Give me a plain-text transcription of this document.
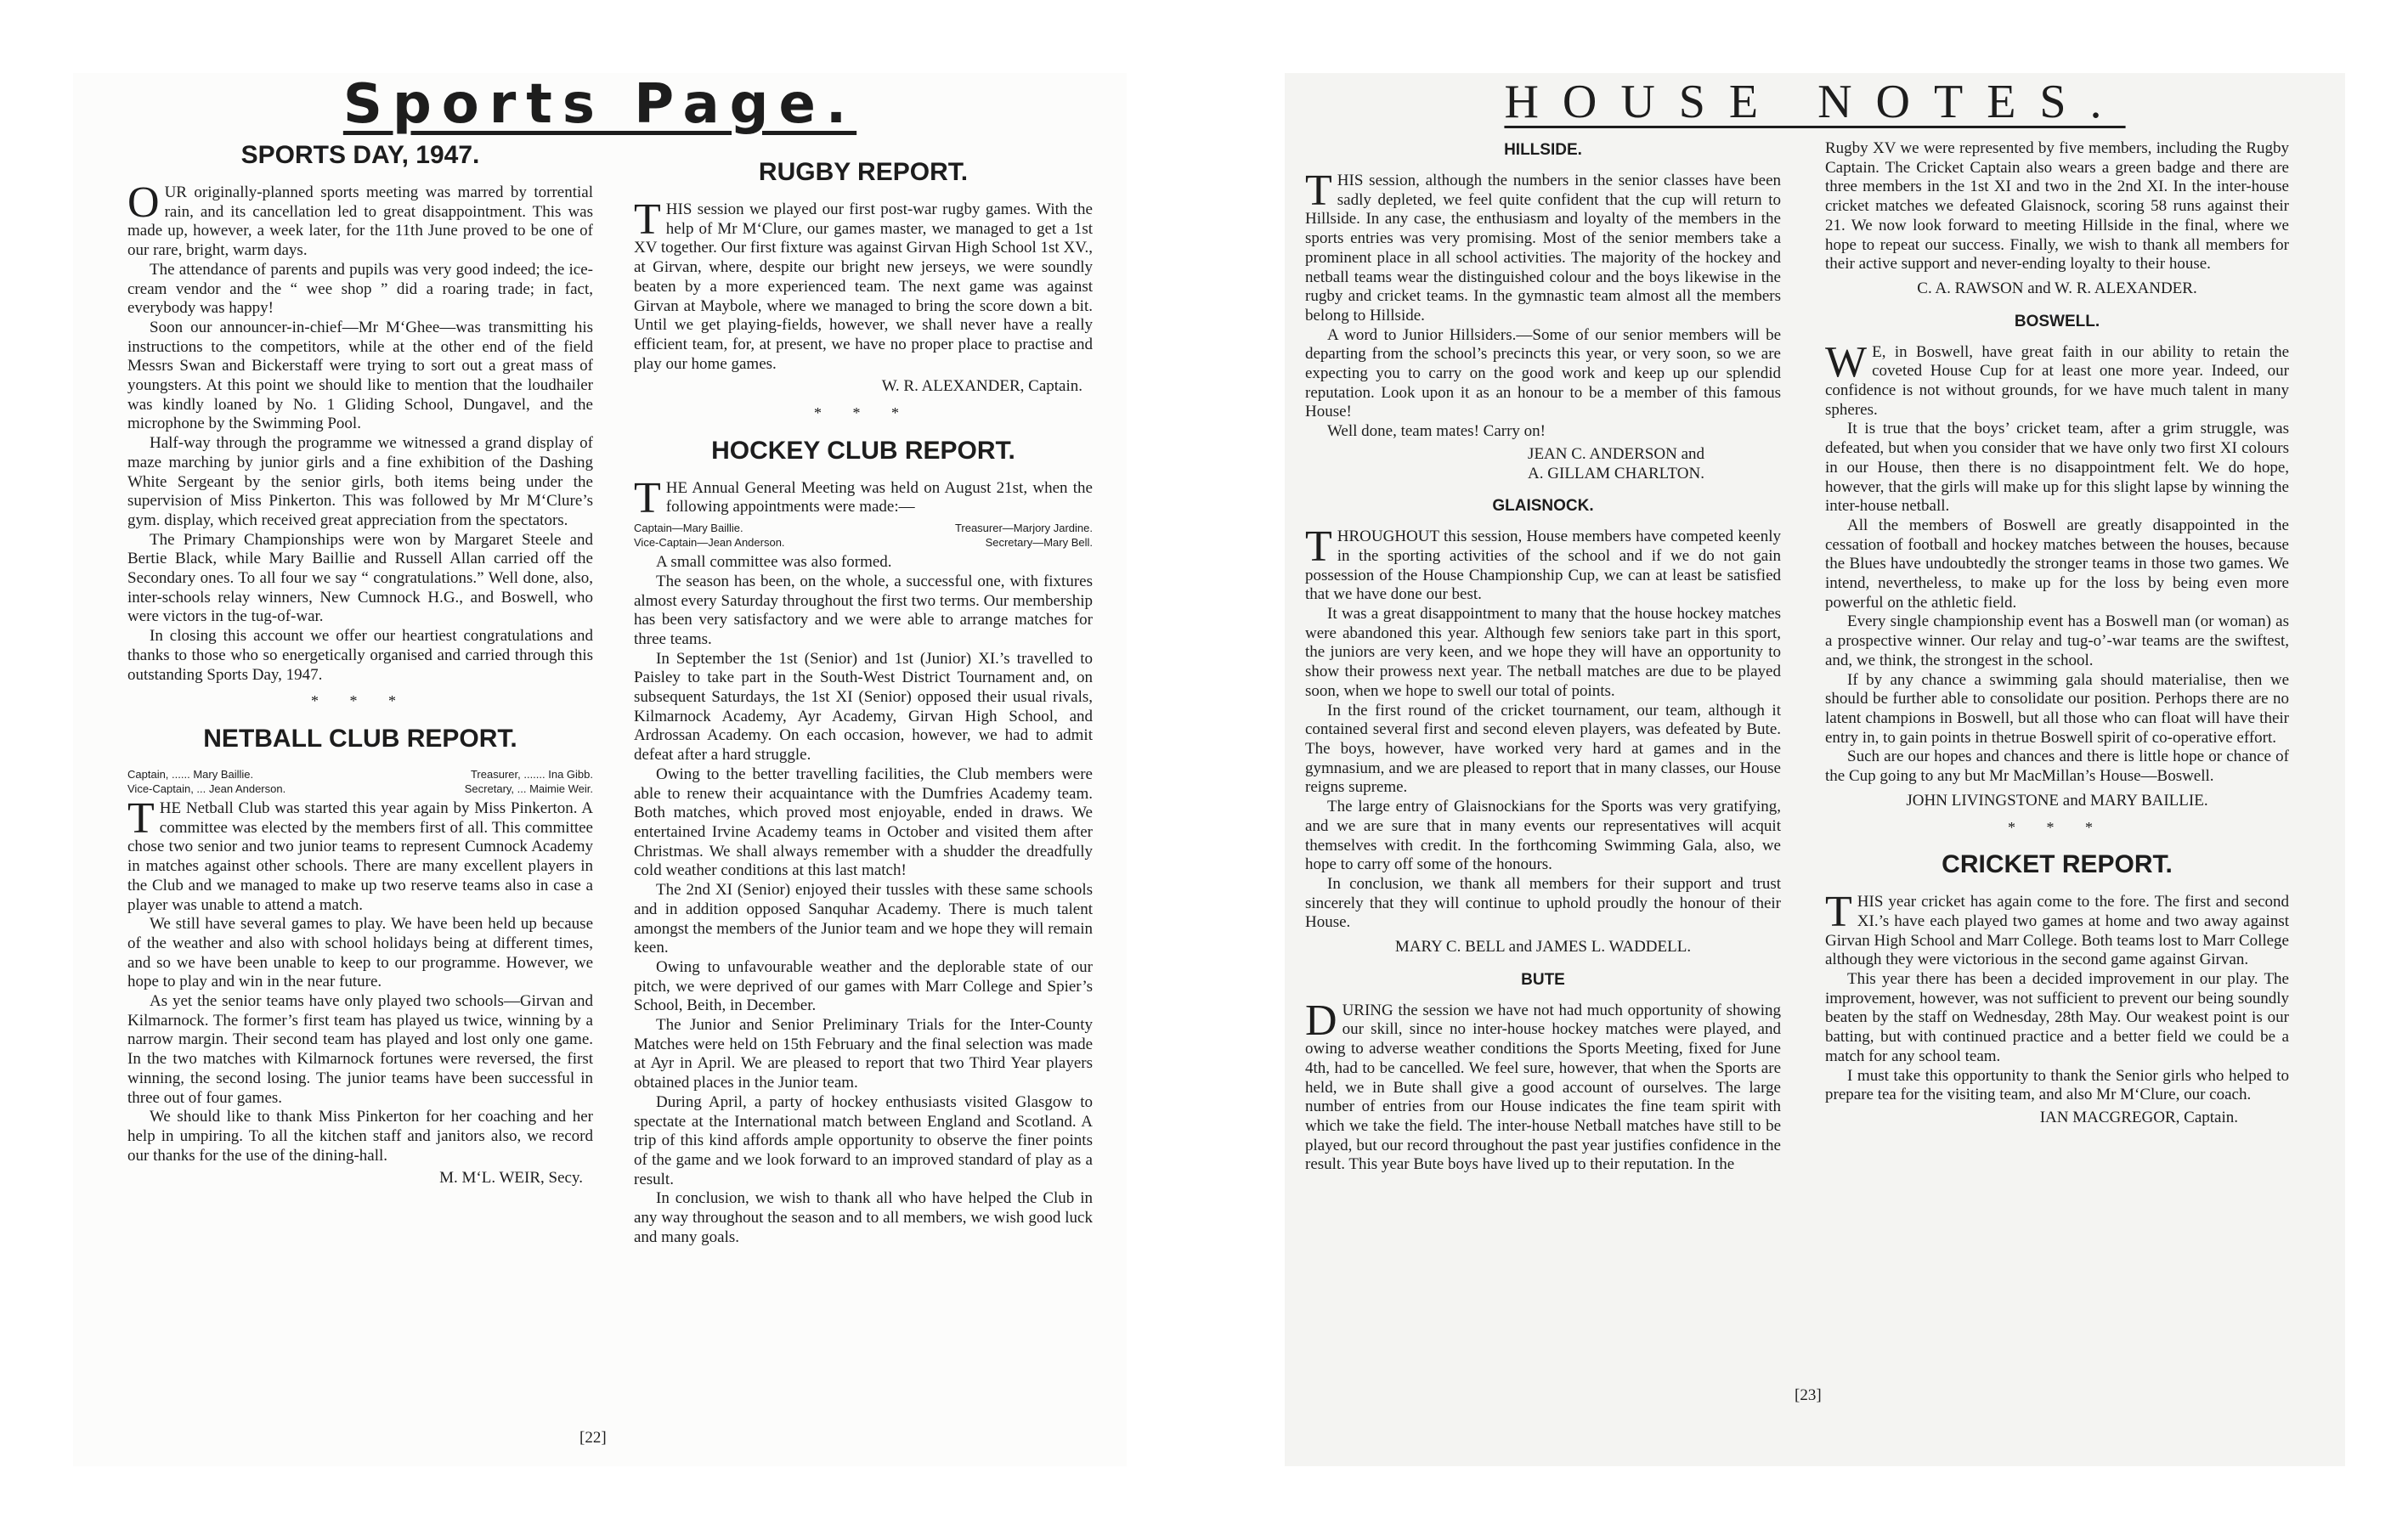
Sports Page.
SPORTS DAY, 1947.

OUR originally-planned sports meeting was marred by torrential rain, and its cancellation led to great disappointment. This was made up, however, a week later, for the 11th June proved to be one of our rare, bright, warm days.

The attendance of parents and pupils was very good indeed; the ice-cream vendor and the “ wee shop ” did a roaring trade; in fact, everybody was happy!

Soon our announcer-in-chief—Mr M‘Ghee—was transmitting his instructions to the competitors, while at the other end of the field Messrs Swan and Bickerstaff were trying to sort out a great mass of youngsters. At this point we should like to mention that the loudhailer was kindly loaned by No. 1 Gliding School, Dungavel, and the microphone by the Swimming Pool.

Half-way through the programme we witnessed a grand display of maze marching by junior girls and a fine exhibition of the Dashing White Sergeant by the senior girls, both items being under the supervision of Miss Pinkerton. This was followed by Mr M‘Clure’s gym. display, which received great appreciation from the spectators.

The Primary Championships were won by Margaret Steele and Bertie Black, while Mary Baillie and Russell Allan carried off the Secondary ones. To all four we say “ congratulations.” Well done, also, inter-schools relay winners, New Cumnock H.G., and Boswell, who were victors in the tug-of-war.

In closing this account we offer our heartiest congratulations and thanks to those who so energetically organised and carried through this outstanding Sports Day, 1947.

* * *
NETBALL CLUB REPORT.
Captain, ...... Mary Baillie.	Treasurer, ....... Ina Gibb.
Vice-Captain, ... Jean Anderson.	Secretary, ... Maimie Weir.

THE Netball Club was started this year again by Miss Pinkerton. A committee was elected by the members first of all. This committee chose two senior and two junior teams to represent Cumnock Academy in matches against other schools. There are many excellent players in the Club and we managed to make up two reserve teams also in case a player was unable to attend a match.

We still have several games to play. We have been held up because of the weather and also with school holidays being at different times, and so we have been unable to keep to our programme. However, we hope to play and win in the near future.

As yet the senior teams have only played two schools—Girvan and Kilmarnock. The former’s first team has played us twice, winning by a narrow margin. Their second team has played and lost only one game. In the two matches with Kilmarnock fortunes were reversed, the first winning, the second losing. The junior teams have been successful in three out of four games.

We should like to thank Miss Pinkerton for her coaching and her help in umpiring. To all the kitchen staff and janitors also, we record our thanks for the use of the dining-hall.

M. M‘L. WEIR, Secy.
RUGBY REPORT.

THIS session we played our first post-war rugby games. With the help of Mr M‘Clure, our games master, we managed to get a 1st XV together. Our first fixture was against Girvan High School 1st XV., at Girvan, where, despite our bright new jerseys, we were soundly beaten by a more experienced team. The next game was against Girvan at Maybole, where we managed to bring the score down a bit. Until we get playing-fields, however, we shall never have a really efficient team, for, at present, we have no proper place to practise and play our home games.

W. R. ALEXANDER, Captain.
* * *
HOCKEY CLUB REPORT.

THE Annual General Meeting was held on August 21st, when the following appointments were made:—

Captain—Mary Baillie.	Treasurer—Marjory Jardine.
Vice-Captain—Jean Anderson.	Secretary—Mary Bell.

A small committee was also formed.

The season has been, on the whole, a successful one, with fixtures almost every Saturday throughout the first two terms. Our membership has been very satisfactory and we were able to arrange matches for three teams.

In September the 1st (Senior) and 1st (Junior) XI.’s travelled to Paisley to take part in the South-West District Tournament and, on subsequent Saturdays, the 1st XI (Senior) opposed their usual rivals, Kilmarnock Academy, Ayr Academy, Girvan High School, and Ardrossan Academy. On each occasion, however, we had to admit defeat after a hard struggle.

Owing to the better travelling facilities, the Club members were able to renew their acquaintance with the Dumfries Academy team. Both matches, which proved most enjoyable, ended in draws. We entertained Irvine Academy teams in October and visited them after Christmas. We shall always remember with a shudder the dreadfully cold weather conditions at this last match!

The 2nd XI (Senior) enjoyed their tussles with these same schools and in addition opposed Sanquhar Academy. There is much talent amongst the members of the Junior team and we hope they will remain keen.

Owing to unfavourable weather and the deplorable state of our pitch, we were deprived of our games with Marr College and Spier’s School, Beith, in December.

The Junior and Senior Preliminary Trials for the Inter-County Matches were held on 15th February and the final selection was made at Ayr in April. We are pleased to report that two Third Year players obtained places in the Junior team.

During April, a party of hockey enthusiasts visited Glasgow to spectate at the International match between England and Scotland. A trip of this kind affords ample opportunity to observe the finer points of the game and we look forward to an improved standard of play as a result.

In conclusion, we wish to thank all who have helped the Club in any way throughout the season and to all members, we wish good luck and many goals.

[22]
HOUSE NOTES.
HILLSIDE.

THIS session, although the numbers in the senior classes have been sadly depleted, we feel quite confident that the cup will return to Hillside. In any case, the enthusiasm and loyalty of the members in the sports entries was very promising. Most of the senior members take a prominent place in all school activities. The majority of the hockey and netball teams wear the distinguished colour and the boys likewise in the rugby and cricket teams. In the gymnastic team almost all the members belong to Hillside.

A word to Junior Hillsiders.—Some of our senior members will be departing from the school’s precincts this year, or very soon, so we are expecting you to carry on the good work and keep up our splendid reputation. Look upon it as an honour to be a member of this famous House!

Well done, team mates! Carry on!

JEAN C. ANDERSON and
A. GILLAM CHARLTON.
GLAISNOCK.

THROUGHOUT this session, House members have competed keenly in the sporting activities of the school and if we do not gain possession of the House Championship Cup, we can at least be satisfied that we have done our best.

It was a great disappointment to many that the house hockey matches were abandoned this year. Although few seniors take part in this sport, the juniors are very keen, and we hope they will have an opportunity to show their prowess next year. The netball matches are due to be played soon, when we hope to swell our total of points.

In the first round of the cricket tournament, our team, although it contained several first and second eleven players, was defeated by Bute. The boys, however, have worked very hard at games and in the gymnasium, and we are pleased to report that in many classes, our House reigns supreme.

The large entry of Glaisnockians for the Sports was very gratifying, and we are sure that in many events our representatives will acquit themselves with credit. In the forthcoming Swimming Gala, also, we hope to carry off some of the honours.

In conclusion, we thank all members for their support and trust sincerely that they will continue to uphold proudly the honour of their House.

MARY C. BELL and JAMES L. WADDELL.
BUTE

DURING the session we have not had much opportunity of showing our skill, since no inter-house hockey matches were played, and owing to adverse weather conditions the Sports Meeting, fixed for June 4th, had to be cancelled. We feel sure, however, that when the Sports are held, we in Bute shall give a good account of ourselves. The large number of entries from our House indicates the fine team spirit with which we take the field. The inter-house Netball matches have still to be played, but our record throughout the past year justifies confidence in the result. This year Bute boys have lived up to their reputation. In the

Rugby XV we were represented by five members, including the Rugby Captain. The Cricket Captain also wears a green badge and there are three members in the 1st XI and two in the 2nd XI. In the inter-house cricket matches we defeated Glaisnock, scoring 58 runs against their 21. We now look forward to meeting Hillside in the final, where we hope to repeat our success. Finally, we wish to thank all members for their active support and never-ending loyalty to their house.

C. A. RAWSON and W. R. ALEXANDER.
BOSWELL.

W E, in Boswell, have great faith in our ability to retain the coveted House Cup for at least one more year. Indeed, our confidence is not without grounds, for we have much talent in many spheres.

It is true that the boys’ cricket team, after a grim struggle, was defeated, but when you consider that we have only two first XI colours in our House, then there is no disappointment felt. We do hope, however, that the girls will make up for this slight lapse by winning the inter-house netball.

All the members of Boswell are greatly disappointed in the cessation of football and hockey matches between the houses, because the Blues have undoubtedly the stronger teams in those two games. We intend, nevertheless, to make up for the loss by being even more powerful on the athletic field.

Every single championship event has a Boswell man (or woman) as a prospective winner. Our relay and tug-o’-war teams are the swiftest, and, we think, the strongest in the school.

If by any chance a swimming gala should materialise, then we should be further able to consolidate our position. Perhops there are no latent champions in Boswell, but all those who can float will have their entry in, to gain points in thetrue Boswell spirit of co-operative effort.

Such are our hopes and chances and there is little hope or chance of the Cup going to any but Mr MacMillan’s House—Boswell.

JOHN LIVINGSTONE and MARY BAILLIE.
* * *
CRICKET REPORT.

THIS year cricket has again come to the fore. The first and second XI.’s have each played two games at home and two away against Girvan High School and Marr College. Both teams lost to Marr College although they were victorious in the second game against Girvan.

This year there has been a decided improvement in our play. The improvement, however, was not sufficient to prevent our being soundly beaten by the staff on Wednesday, 28th May. Our weakest point is our batting, but with continued practice and a better field we could be a match for any school team.

I must take this opportunity to thank the Senior girls who helped to prepare tea for the visiting team, and also Mr M‘Clure, our coach.

IAN MACGREGOR, Captain.
[23]
